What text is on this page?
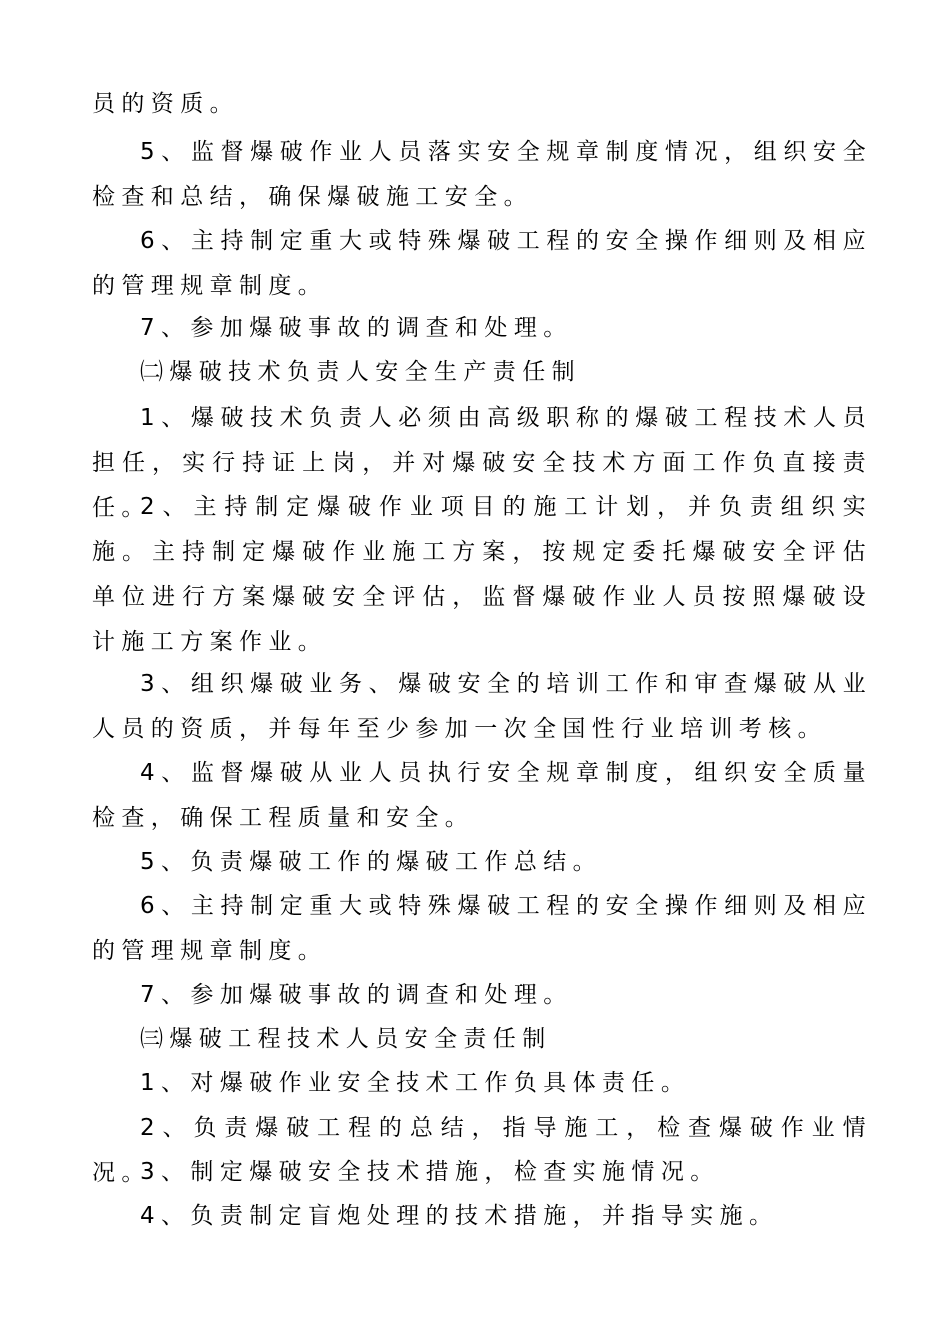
员的资质。

5、监督爆破作业人员落实安全规章制度情况，组织安全检查和总结，确保爆破施工安全。

6、主持制定重大或特殊爆破工程的安全操作细则及相应的管理规章制度。

7、参加爆破事故的调查和处理。

㈡爆破技术负责人安全生产责任制

1、爆破技术负责人必须由高级职称的爆破工程技术人员担任，实行持证上岗，并对爆破安全技术方面工作负直接责任。

2、主持制定爆破作业项目的施工计划，并负责组织实施。主持制定爆破作业施工方案，按规定委托爆破安全评估单位进行方案爆破安全评估，监督爆破作业人员按照爆破设计施工方案作业。

3、组织爆破业务、爆破安全的培训工作和审查爆破从业人员的资质，并每年至少参加一次全国性行业培训考核。

4、监督爆破从业人员执行安全规章制度，组织安全质量检查，确保工程质量和安全。

5、负责爆破工作的爆破工作总结。

6、主持制定重大或特殊爆破工程的安全操作细则及相应的管理规章制度。

7、参加爆破事故的调查和处理。

㈢爆破工程技术人员安全责任制

1、对爆破作业安全技术工作负具体责任。

2、负责爆破工程的总结，指导施工，检查爆破作业情况。

3、制定爆破安全技术措施，检查实施情况。

4、负责制定盲炮处理的技术措施，并指导实施。
